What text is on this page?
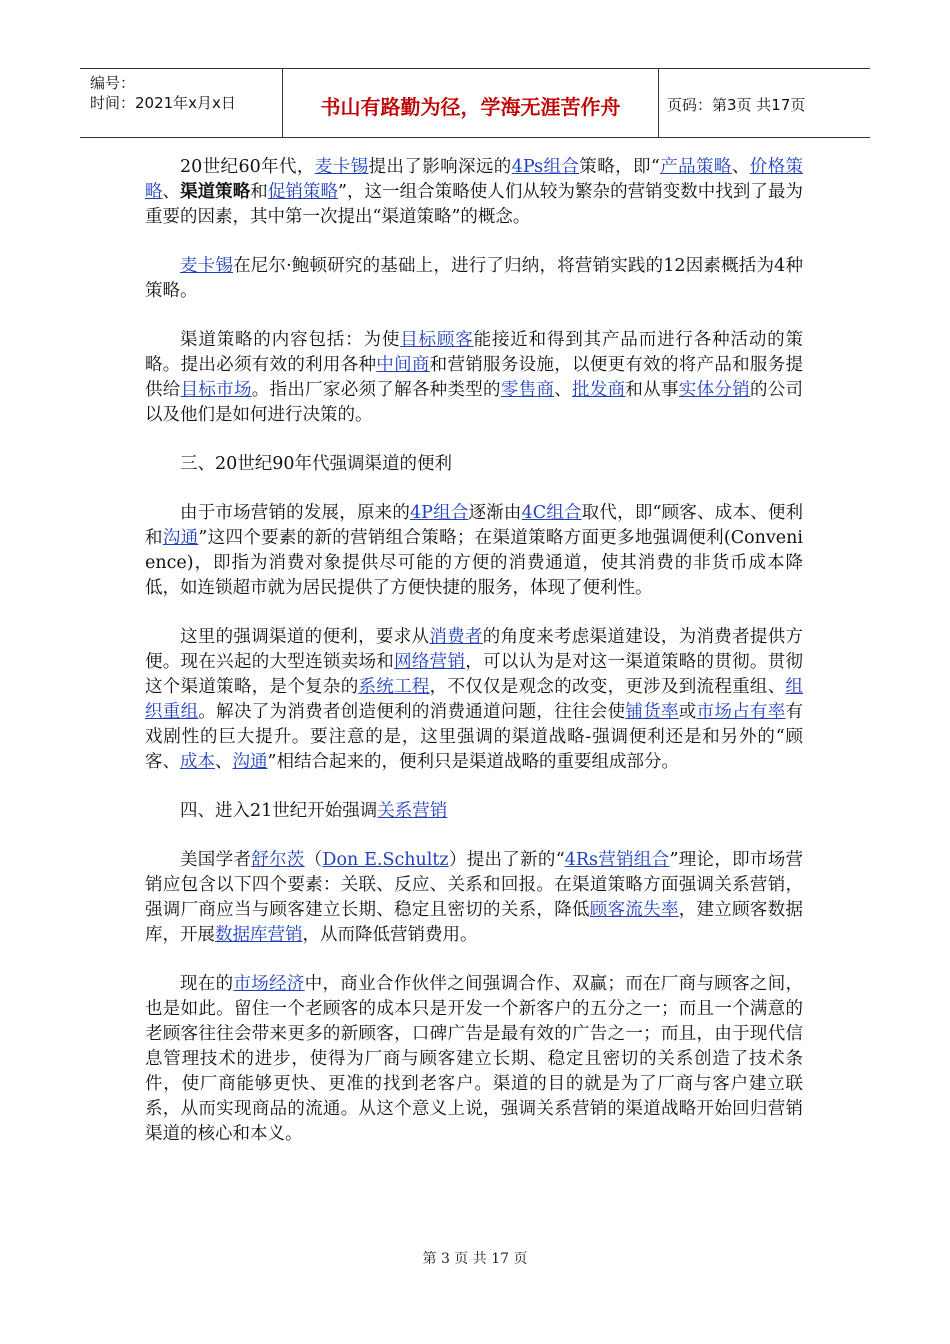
编号：
时间：2021年x月x日	书山有路勤为径，学海无涯苦作舟	页码：第3页 共17页

20世纪60年代，麦卡锡提出了影响深远的4Ps组合策略，即“产品策略、价格策略、渠道策略和促销策略”，这一组合策略使人们从较为繁杂的营销变数中找到了最为重要的因素，其中第一次提出“渠道策略”的概念。

麦卡锡在尼尔·鲍顿研究的基础上，进行了归纳，将营销实践的12因素概括为4种策略。

渠道策略的内容包括：为使目标顾客能接近和得到其产品而进行各种活动的策略。提出必须有效的利用各种中间商和营销服务设施，以便更有效的将产品和服务提供给目标市场。指出厂家必须了解各种类型的零售商、批发商和从事实体分销的公司以及他们是如何进行决策的。

三、20世纪90年代强调渠道的便利

由于市场营销的发展，原来的4P组合逐渐由4C组合取代，即“顾客、成本、便利和沟通”这四个要素的新的营销组合策略；在渠道策略方面更多地强调便利(Convenience)，即指为消费对象提供尽可能的方便的消费通道，使其消费的非货币成本降低，如连锁超市就为居民提供了方便快捷的服务，体现了便利性。

这里的强调渠道的便利，要求从消费者的角度来考虑渠道建设，为消费者提供方便。现在兴起的大型连锁卖场和网络营销，可以认为是对这一渠道策略的贯彻。贯彻这个渠道策略，是个复杂的系统工程，不仅仅是观念的改变，更涉及到流程重组、组织重组。解决了为消费者创造便利的消费通道问题，往往会使铺货率或市场占有率有戏剧性的巨大提升。要注意的是，这里强调的渠道战略-强调便利还是和另外的“顾客、成本、沟通”相结合起来的，便利只是渠道战略的重要组成部分。

四、进入21世纪开始强调关系营销

美国学者舒尔茨（Don E.Schultz）提出了新的“4Rs营销组合”理论，即市场营销应包含以下四个要素：关联、反应、关系和回报。在渠道策略方面强调关系营销，强调厂商应当与顾客建立长期、稳定且密切的关系，降低顾客流失率，建立顾客数据库，开展数据库营销，从而降低营销费用。

现在的市场经济中，商业合作伙伴之间强调合作、双赢；而在厂商与顾客之间，也是如此。留住一个老顾客的成本只是开发一个新客户的五分之一；而且一个满意的老顾客往往会带来更多的新顾客，口碑广告是最有效的广告之一；而且，由于现代信息管理技术的进步，使得为厂商与顾客建立长期、稳定且密切的关系创造了技术条件，使厂商能够更快、更准的找到老客户。渠道的目的就是为了厂商与客户建立联系，从而实现商品的流通。从这个意义上说，强调关系营销的渠道战略开始回归营销渠道的核心和本义。

第 3 页 共 17 页
